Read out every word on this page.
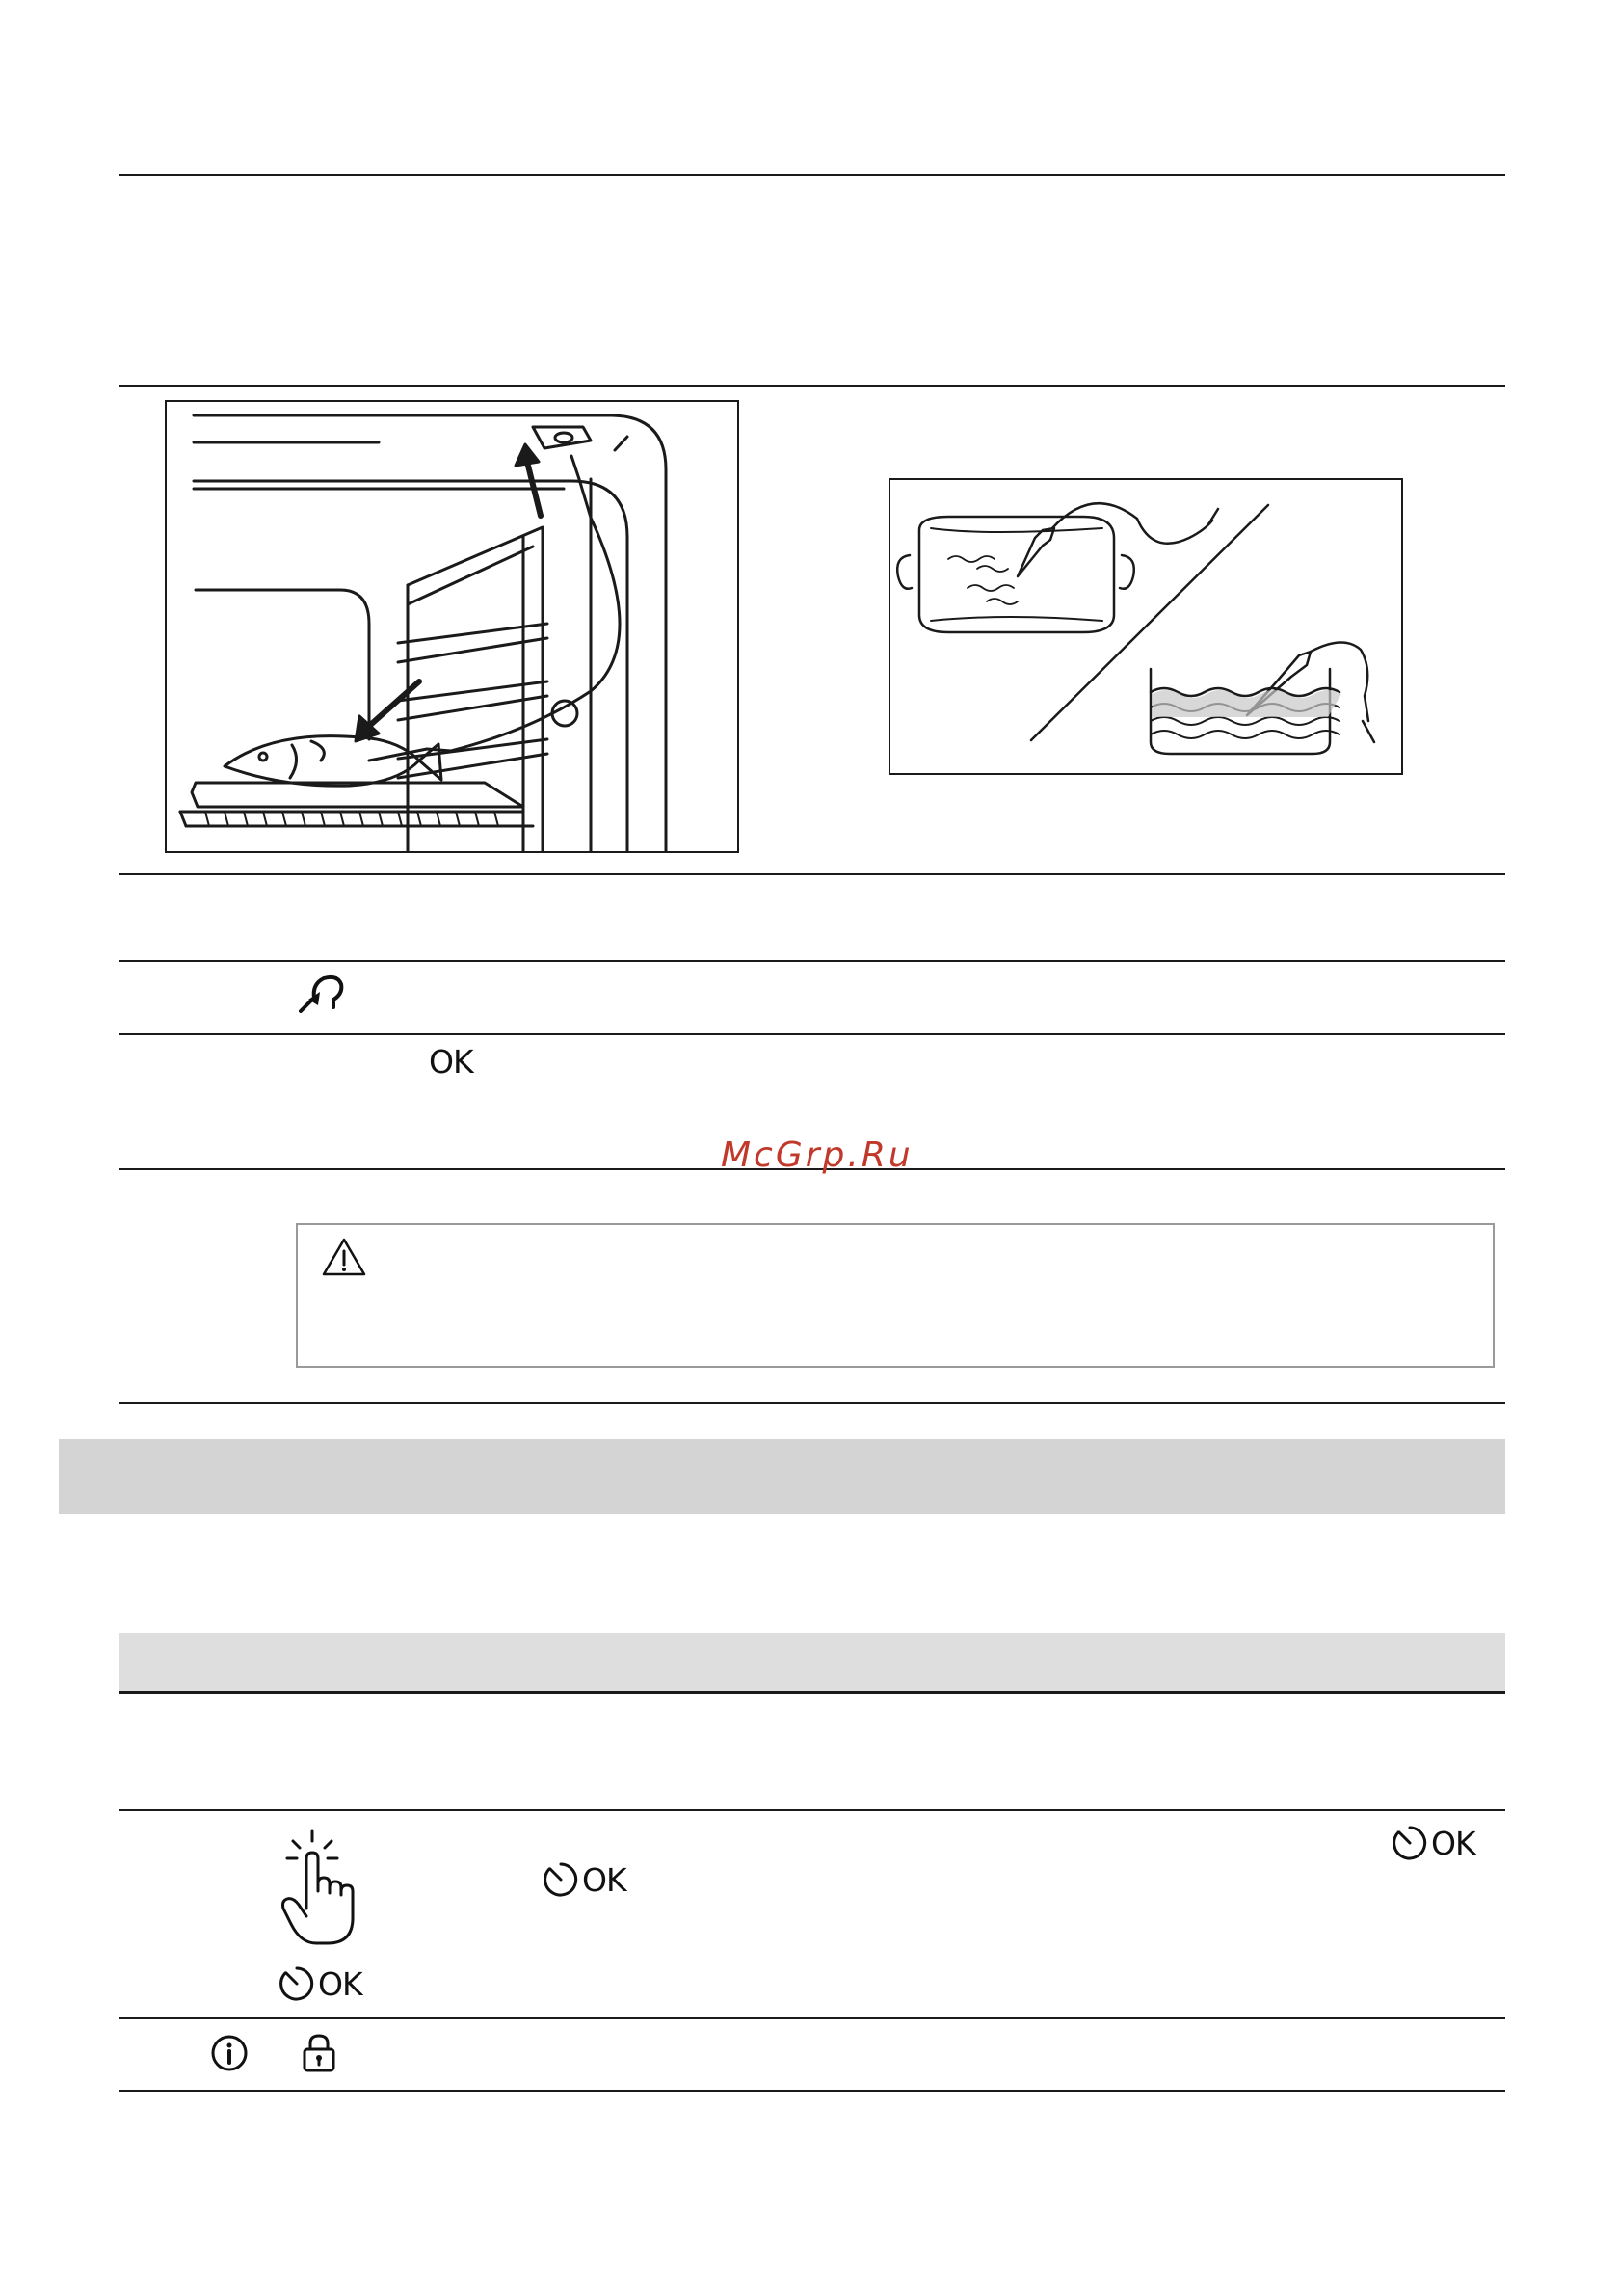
OK
McGrp.Ru
OK
OK
OK
